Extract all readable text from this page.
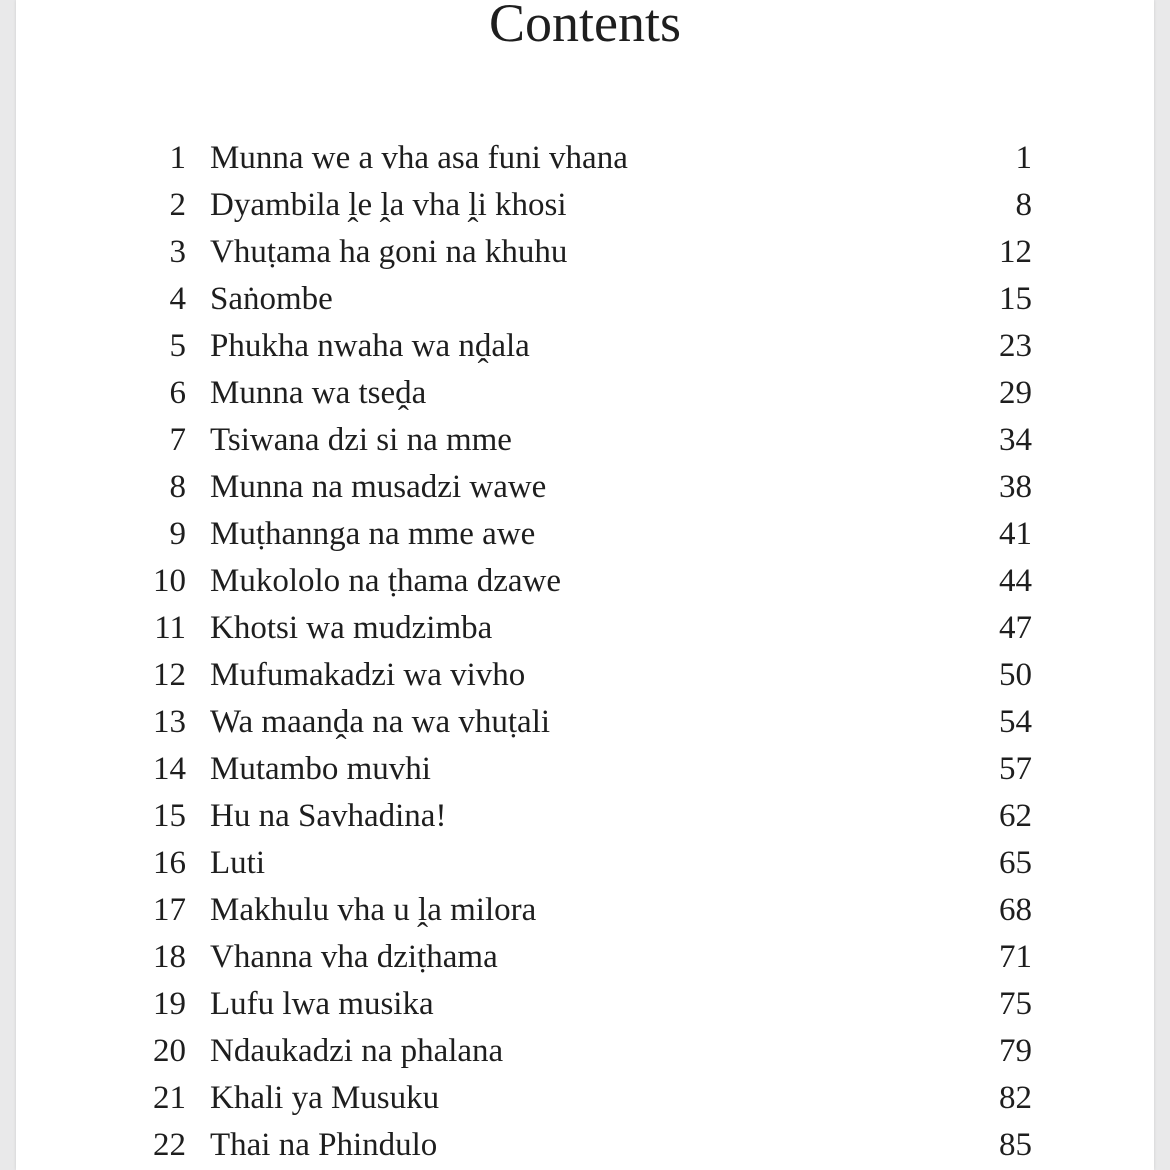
Contents
1 Munna we a vha asa funi vhana	1
2 Dyambila ḽe ḽa vha ḽi khosi	8
3 Vhuṭama ha goni na khuhu	12
4 Saṅombe	15
5 Phukha nwaha wa nḓala	23
6 Munna wa tseḓa	29
7 Tsiwana dzi si na mme	34
8 Munna na musadzi wawe	38
9 Muṭhannga na mme awe	41
10 Mukololo na ṭhama dzawe	44
11 Khotsi wa mudzimba	47
12 Mufumakadzi wa vivho	50
13 Wa maanḓa na wa vhuṭali	54
14 Mutambo muvhi	57
15 Hu na Savhadina!	62
16 Luti	65
17 Makhulu vha u ḽa milora	68
18 Vhanna vha dziṭhama	71
19 Lufu lwa musika	75
20 Ndaukadzi na phalana	79
21 Khali ya Musuku	82
22 Thai na Phindulo	85
